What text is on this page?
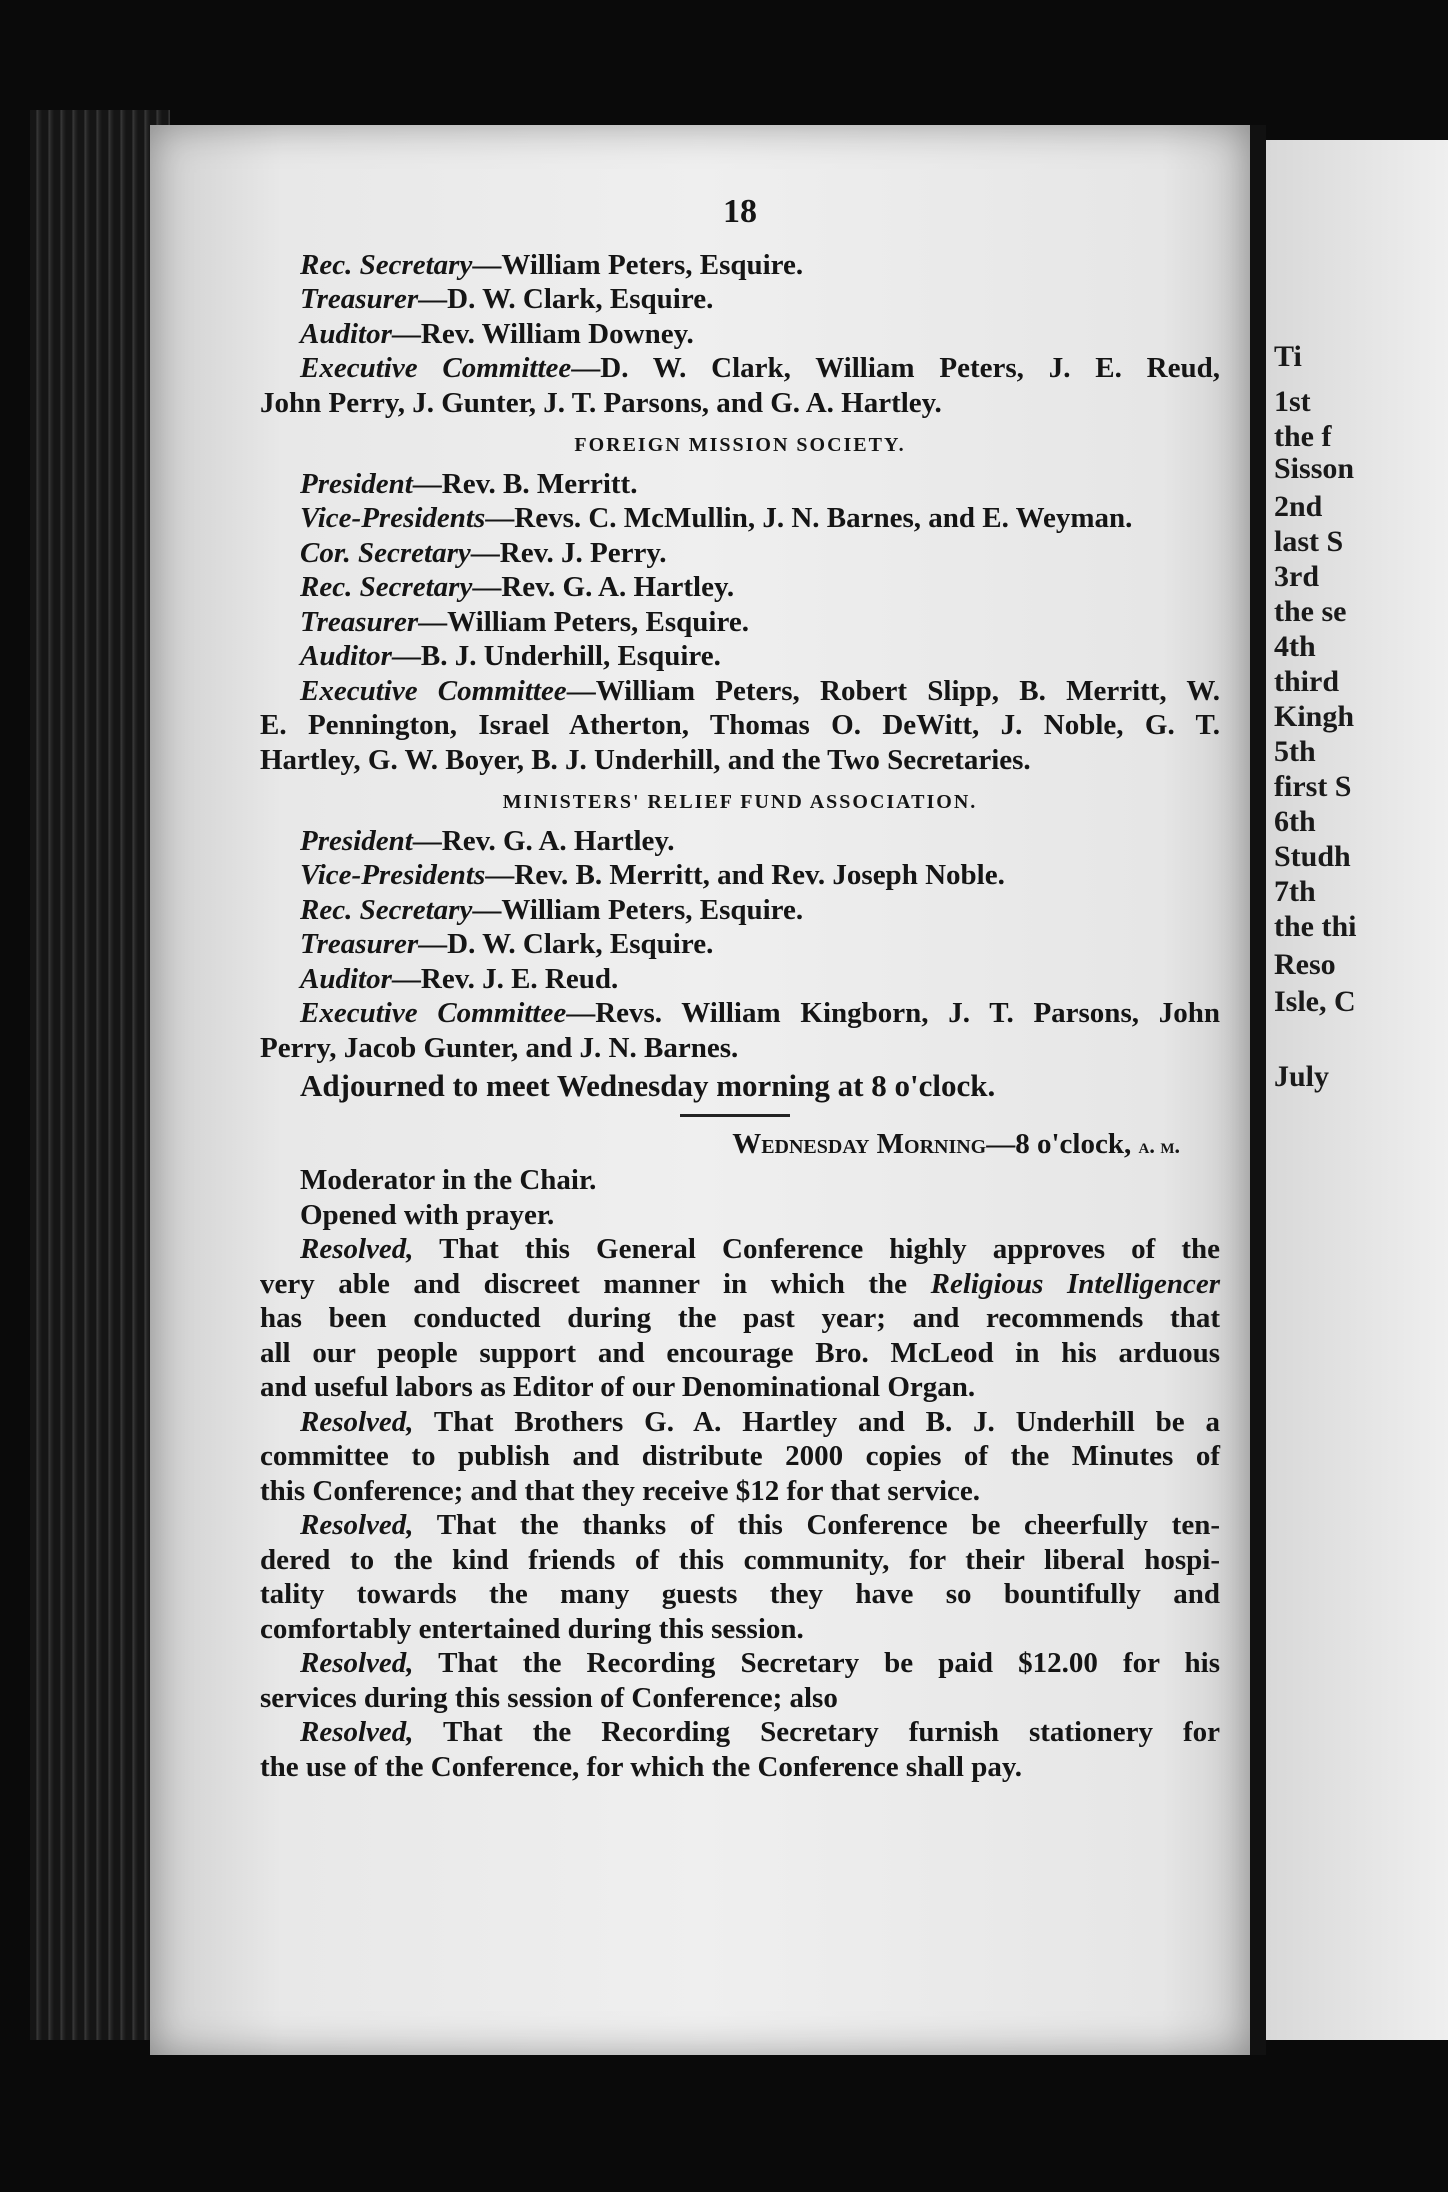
18
Rec. Secretary—William Peters, Esquire.
Treasurer—D. W. Clark, Esquire.
Auditor—Rev. William Downey.
Executive Committee—D. W. Clark, William Peters, J. E. Reud,
John Perry, J. Gunter, J. T. Parsons, and G. A. Hartley.
FOREIGN MISSION SOCIETY.
President—Rev. B. Merritt.
Vice-Presidents—Revs. C. McMullin, J. N. Barnes, and E. Weyman.
Cor. Secretary—Rev. J. Perry.
Rec. Secretary—Rev. G. A. Hartley.
Treasurer—William Peters, Esquire.
Auditor—B. J. Underhill, Esquire.
Executive Committee—William Peters, Robert Slipp, B. Merritt, W.
E. Pennington, Israel Atherton, Thomas O. DeWitt, J. Noble, G. T.
Hartley, G. W. Boyer, B. J. Underhill, and the Two Secretaries.
MINISTERS' RELIEF FUND ASSOCIATION.
President—Rev. G. A. Hartley.
Vice-Presidents—Rev. B. Merritt, and Rev. Joseph Noble.
Rec. Secretary—William Peters, Esquire.
Treasurer—D. W. Clark, Esquire.
Auditor—Rev. J. E. Reud.
Executive Committee—Revs. William Kingborn, J. T. Parsons, John
Perry, Jacob Gunter, and J. N. Barnes.
Adjourned to meet Wednesday morning at 8 o'clock.
Wednesday Morning—8 o'clock, a. m.
Moderator in the Chair.
Opened with prayer.
Resolved, That this General Conference highly approves of the
very able and discreet manner in which the Religious Intelligencer
has been conducted during the past year; and recommends that
all our people support and encourage Bro. McLeod in his arduous
and useful labors as Editor of our Denominational Organ.
Resolved, That Brothers G. A. Hartley and B. J. Underhill be a
committee to publish and distribute 2000 copies of the Minutes of
this Conference; and that they receive $12 for that service.
Resolved, That the thanks of this Conference be cheerfully ten-
dered to the kind friends of this community, for their liberal hospi-
tality towards the many guests they have so bountifully and
comfortably entertained during this session.
Resolved, That the Recording Secretary be paid $12.00 for his
services during this session of Conference; also
Resolved, That the Recording Secretary furnish stationery for
the use of the Conference, for which the Conference shall pay.
Ti
1st
the f
Sisson
2nd
last S
3rd
the se
4th
third
Kingh
5th
first S
6th
Studh
7th
the thi
Reso
Isle, C
July
